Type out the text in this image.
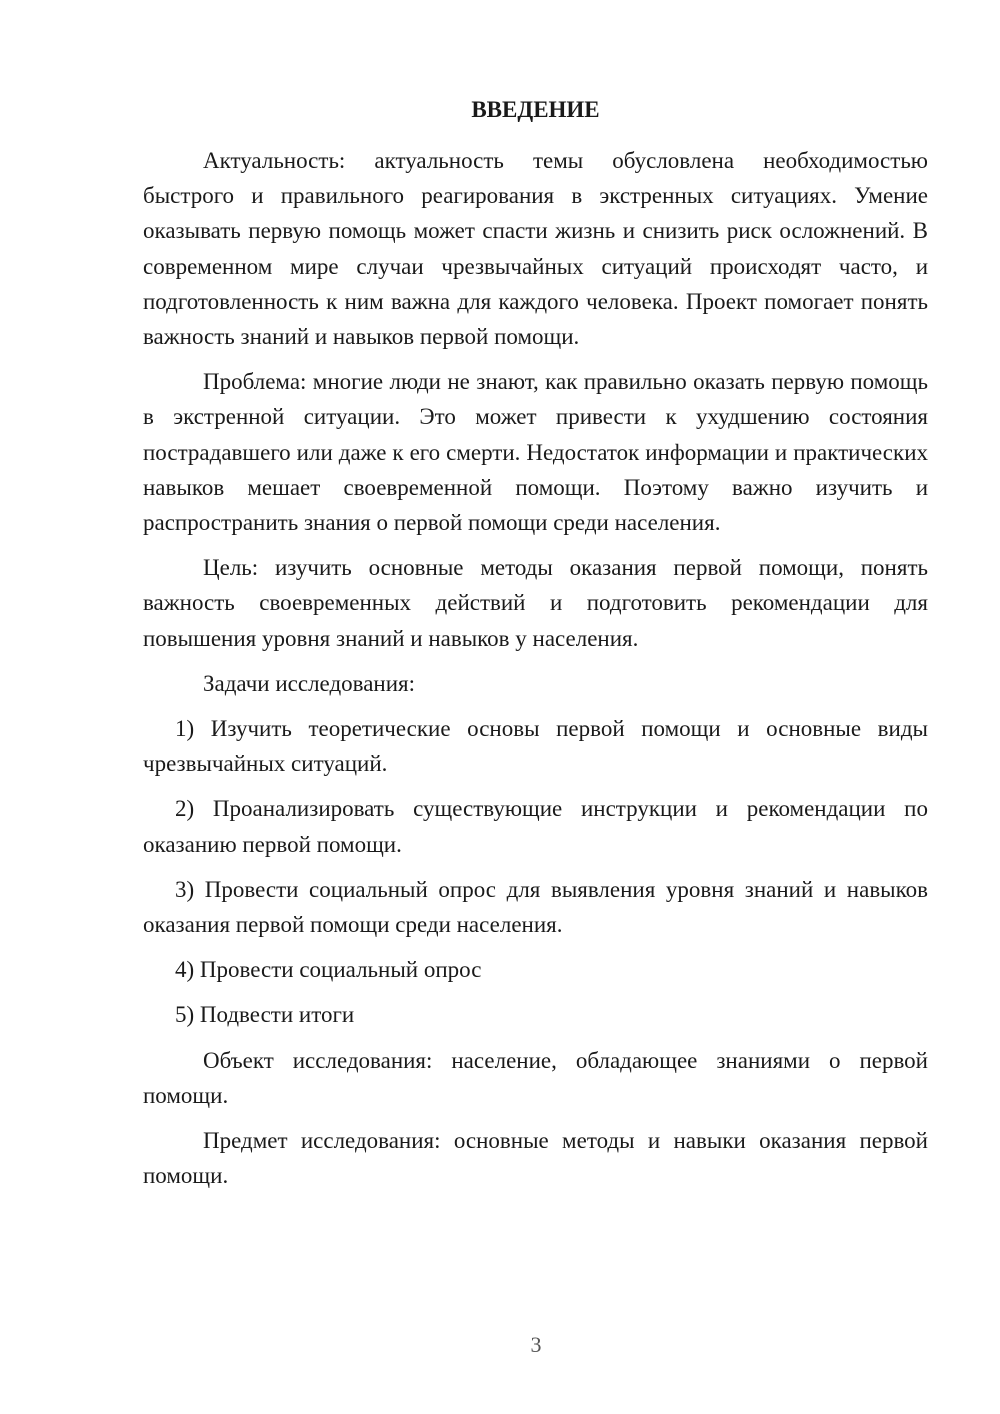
ВВЕДЕНИЕ

Актуальность: актуальность темы обусловлена необходимостью быстрого и правильного реагирования в экстренных ситуациях. Умение оказывать первую помощь может спасти жизнь и снизить риск осложнений. В современном мире случаи чрезвычайных ситуаций происходят часто, и подготовленность к ним важна для каждого человека. Проект помогает понять важность знаний и навыков первой помощи.

Проблема: многие люди не знают, как правильно оказать первую помощь в экстренной ситуации. Это может привести к ухудшению состояния пострадавшего или даже к его смерти. Недостаток информации и практических навыков мешает своевременной помощи. Поэтому важно изучить и распространить знания о первой помощи среди населения.

Цель: изучить основные методы оказания первой помощи, понять важность своевременных действий и подготовить рекомендации для повышения уровня знаний и навыков у населения.

Задачи исследования:

1) Изучить теоретические основы первой помощи и основные виды чрезвычайных ситуаций.

2) Проанализировать существующие инструкции и рекомендации по оказанию первой помощи.

3) Провести социальный опрос для выявления уровня знаний и навыков оказания первой помощи среди населения.

4) Провести социальный опрос

5) Подвести итоги

Объект исследования: население, обладающее знаниями о первой помощи.

Предмет исследования: основные методы и навыки оказания первой помощи.

3
